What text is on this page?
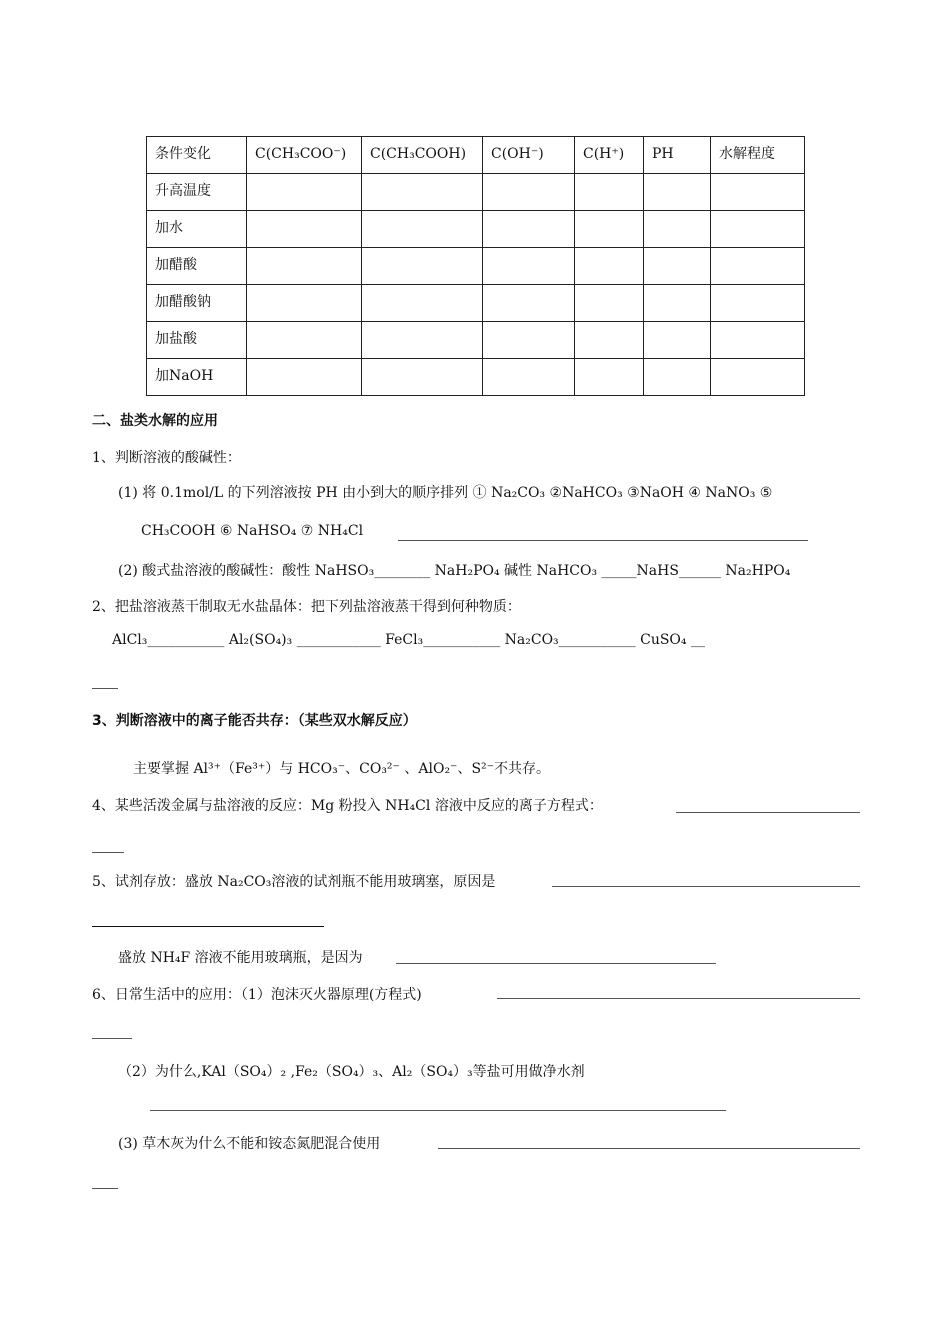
条件变化	C(CH₃COO⁻)	C(CH₃COOH)	C(OH⁻)	C(H⁺)	PH	水解程度
升高温度						
加水						
加醋酸						
加醋酸钠						
加盐酸						
加NaOH						
二、盐类水解的应用
1、判断溶液的酸碱性：
(1) 将 0.1mol/L 的下列溶液按 PH 由小到大的顺序排列 ① Na₂CO₃ ②NaHCO₃ ③NaOH ④ NaNO₃ ⑤
CH₃COOH ⑥ NaHSO₄ ⑦ NH₄Cl
(2) 酸式盐溶液的酸碱性：酸性 NaHSO₃________ NaH₂PO₄ 碱性 NaHCO₃ _____NaHS______ Na₂HPO₄
2、把盐溶液蒸干制取无水盐晶体：把下列盐溶液蒸干得到何种物质：
AlCl₃___________ Al₂(SO₄)₃ ____________ FeCl₃___________ Na₂CO₃___________ CuSO₄ __
3、判断溶液中的离子能否共存：（某些双水解反应）
主要掌握 Al³⁺（Fe³⁺）与 HCO₃⁻、CO₃²⁻ 、AlO₂⁻、S²⁻不共存。
4、某些活泼金属与盐溶液的反应：Mg 粉投入 NH₄Cl 溶液中反应的离子方程式：
5、试剂存放：盛放 Na₂CO₃溶液的试剂瓶不能用玻璃塞，原因是
盛放 NH₄F 溶液不能用玻璃瓶，是因为
6、日常生活中的应用：（1）泡沫灭火器原理(方程式)
（2）为什么,KAl（SO₄）₂ ,Fe₂（SO₄）₃、Al₂（SO₄）₃等盐可用做净水剂
(3) 草木灰为什么不能和铵态氮肥混合使用
